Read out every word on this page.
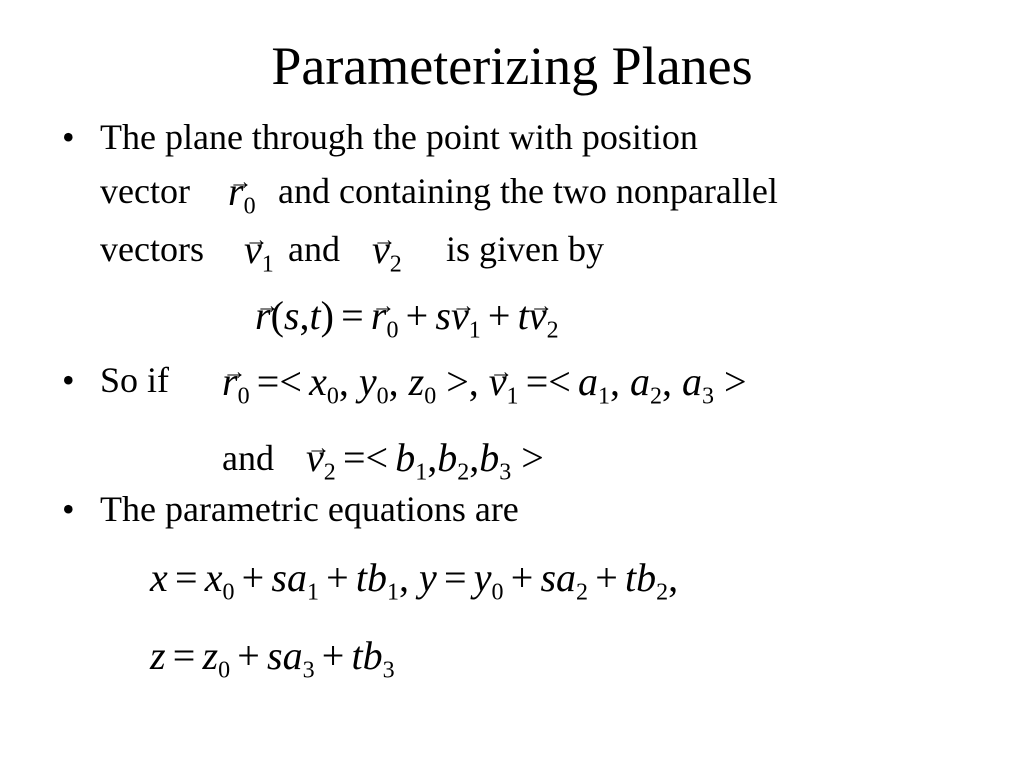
Parameterizing Planes
• The plane through the point with position
vector
→ $r_0$ and containing the two nonparallel
vectors
→ $v_1$ and
→ $v_2$ is given by
→ $r(s,t) =\to r_0 + s\to v_1 + t\to v_2$
• So if
→ $r_0 =< x_0$, $y_0$, $z_0$ >, → $v_1 =< a_1$, $a_2$, $a_3$ >
and
→ $v_2 =< b_1,b_2,b_3$ >
• The parametric equations are
$x = x_0 + sa_1 + tb_1$, $y = y_0 + sa_2 + tb_2$,
$z = z_0 + sa_3 + tb_3$
